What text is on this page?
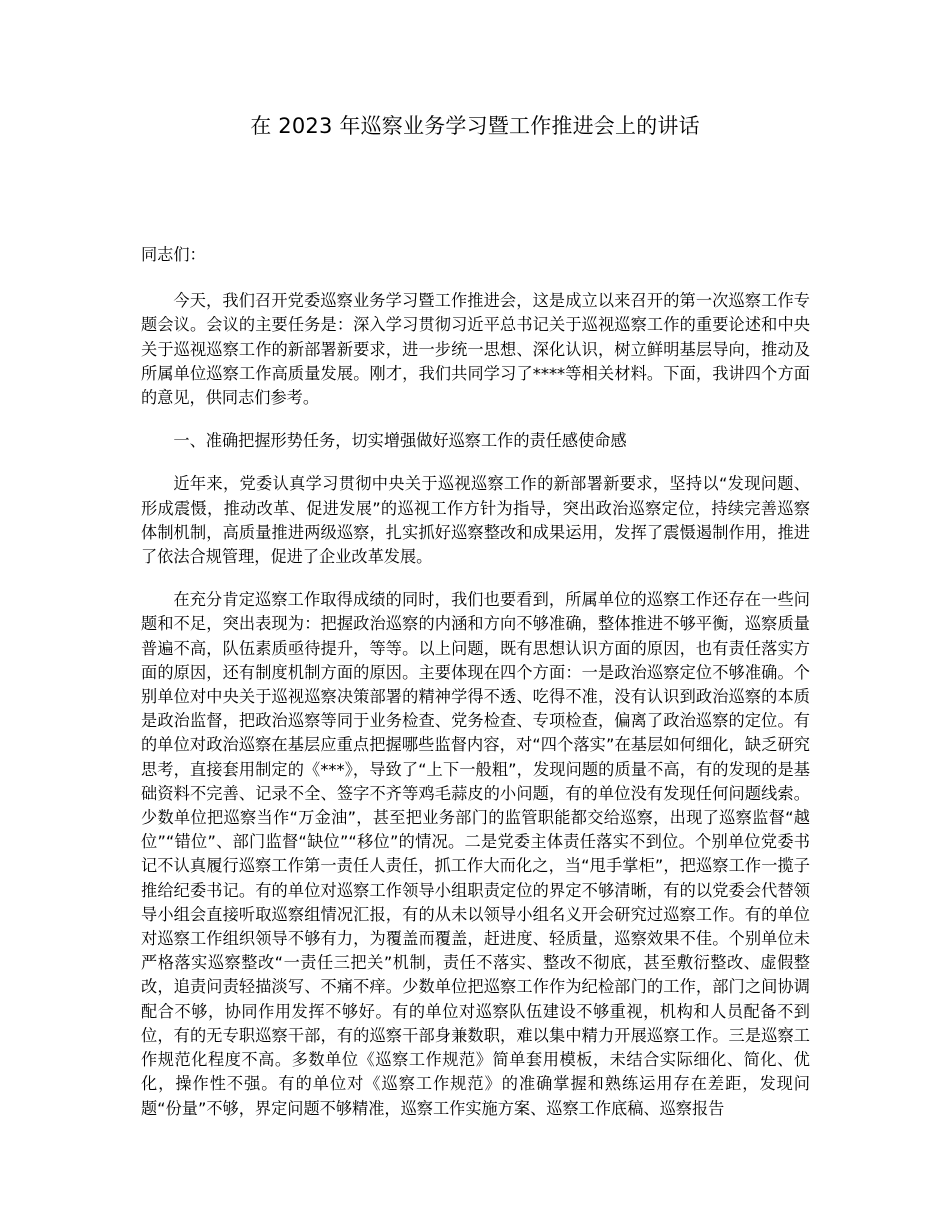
在 2023 年巡察业务学习暨工作推进会上的讲话

同志们：

今天，我们召开党委巡察业务学习暨工作推进会，这是成立以来召开的第一次巡察工作专题会议。会议的主要任务是：深入学习贯彻习近平总书记关于巡视巡察工作的重要论述和中央关于巡视巡察工作的新部署新要求，进一步统一思想、深化认识，树立鲜明基层导向，推动及所属单位巡察工作高质量发展。刚才，我们共同学习了****等相关材料。下面，我讲四个方面的意见，供同志们参考。

一、准确把握形势任务，切实增强做好巡察工作的责任感使命感

近年来，党委认真学习贯彻中央关于巡视巡察工作的新部署新要求，坚持以“发现问题、形成震慑，推动改革、促进发展”的巡视工作方针为指导，突出政治巡察定位，持续完善巡察体制机制，高质量推进两级巡察，扎实抓好巡察整改和成果运用，发挥了震慑遏制作用，推进了依法合规管理，促进了企业改革发展。

在充分肯定巡察工作取得成绩的同时，我们也要看到，所属单位的巡察工作还存在一些问题和不足，突出表现为：把握政治巡察的内涵和方向不够准确，整体推进不够平衡，巡察质量普遍不高，队伍素质亟待提升，等等。以上问题，既有思想认识方面的原因，也有责任落实方面的原因，还有制度机制方面的原因。主要体现在四个方面：一是政治巡察定位不够准确。个别单位对中央关于巡视巡察决策部署的精神学得不透、吃得不准，没有认识到政治巡察的本质是政治监督，把政治巡察等同于业务检查、党务检查、专项检查，偏离了政治巡察的定位。有的单位对政治巡察在基层应重点把握哪些监督内容，对“四个落实”在基层如何细化，缺乏研究思考，直接套用制定的《***》，导致了“上下一般粗”，发现问题的质量不高，有的发现的是基础资料不完善、记录不全、签字不齐等鸡毛蒜皮的小问题，有的单位没有发现任何问题线索。少数单位把巡察当作“万金油”，甚至把业务部门的监管职能都交给巡察，出现了巡察监督“越位”“错位”、部门监督“缺位”“移位”的情况。二是党委主体责任落实不到位。个别单位党委书记不认真履行巡察工作第一责任人责任，抓工作大而化之，当“甩手掌柜”，把巡察工作一揽子推给纪委书记。有的单位对巡察工作领导小组职责定位的界定不够清晰，有的以党委会代替领导小组会直接听取巡察组情况汇报，有的从未以领导小组名义开会研究过巡察工作。有的单位对巡察工作组织领导不够有力，为覆盖而覆盖，赶进度、轻质量，巡察效果不佳。个别单位未严格落实巡察整改“一责任三把关”机制，责任不落实、整改不彻底，甚至敷衍整改、虚假整改，追责问责轻描淡写、不痛不痒。少数单位把巡察工作作为纪检部门的工作，部门之间协调配合不够，协同作用发挥不够好。有的单位对巡察队伍建设不够重视，机构和人员配备不到位，有的无专职巡察干部，有的巡察干部身兼数职，难以集中精力开展巡察工作。三是巡察工作规范化程度不高。多数单位《巡察工作规范》简单套用模板，未结合实际细化、简化、优化，操作性不强。有的单位对《巡察工作规范》的准确掌握和熟练运用存在差距，发现问题“份量”不够，界定问题不够精准，巡察工作实施方案、巡察工作底稿、巡察报告
